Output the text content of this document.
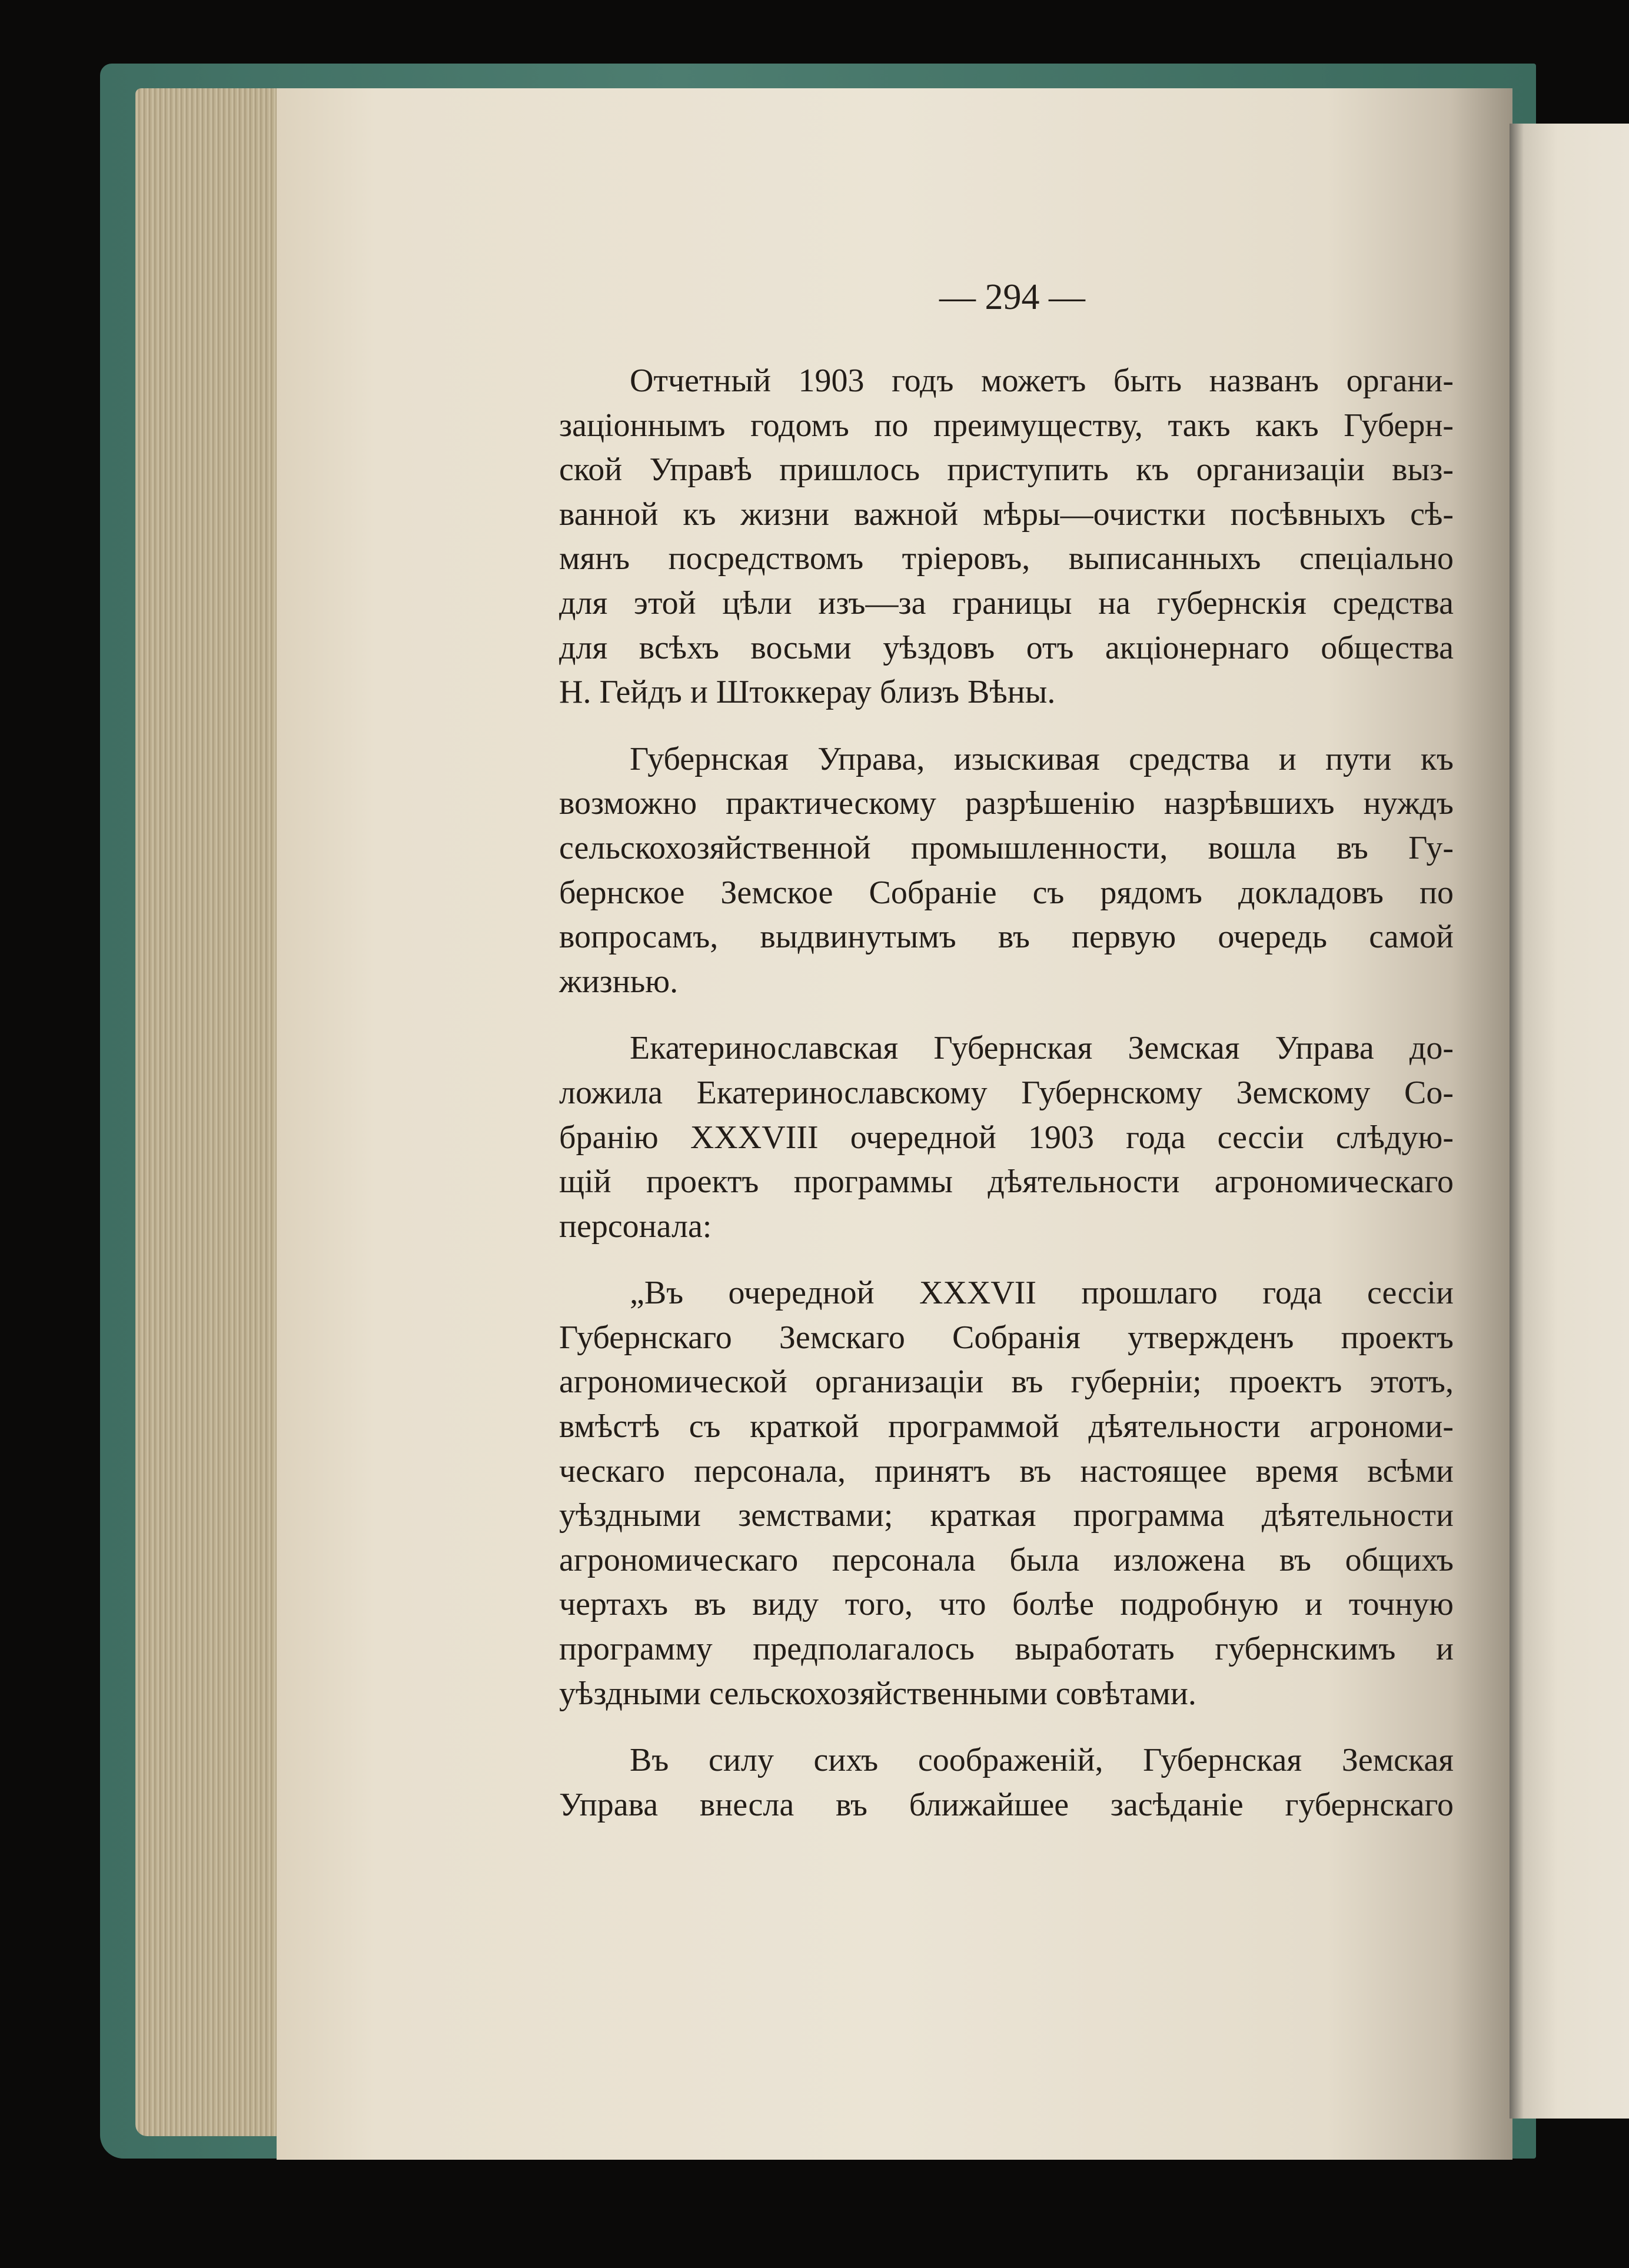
— 294 —
Отчетный 1903 годъ можетъ быть названъ органи-
заціоннымъ годомъ по преимуществу, такъ какъ Губерн-
ской Управѣ пришлось приступить къ организаціи выз-
ванной къ жизни важной мѣры—очистки посѣвныхъ сѣ-
мянъ посредствомъ тріеровъ, выписанныхъ спеціально
для этой цѣли изъ—за границы на губернскія средства
для всѣхъ восьми уѣздовъ отъ акціонернаго общества
Н. Гейдъ и Штоккерау близъ Вѣны.
Губернская Управа, изыскивая средства и пути къ
возможно практическому разрѣшенію назрѣвшихъ нуждъ
сельскохозяйственной промышленности, вошла въ Гу-
бернское Земское Собраніе съ рядомъ докладовъ по
вопросамъ, выдвинутымъ въ первую очередь самой
жизнью.
Екатеринославская Губернская Земская Управа до-
ложила Екатеринославскому Губернскому Земскому Со-
бранію XXXVIII очередной 1903 года сессіи слѣдую-
щій проектъ программы дѣятельности агрономическаго
персонала:
„Въ очередной XXXVII прошлаго года сессіи
Губернскаго Земскаго Собранія утвержденъ проектъ
агрономической организаціи въ губерніи; проектъ этотъ,
вмѣстѣ съ краткой программой дѣятельности агрономи-
ческаго персонала, принятъ въ настоящее время всѣми
уѣздными земствами; краткая программа дѣятельности
агрономическаго персонала была изложена въ общихъ
чертахъ въ виду того, что болѣе подробную и точную
программу предполагалось выработать губернскимъ и
уѣздными сельскохозяйственными совѣтами.
Въ силу сихъ соображеній, Губернская Земская
Управа внесла въ ближайшее засѣданіе губернскаго
